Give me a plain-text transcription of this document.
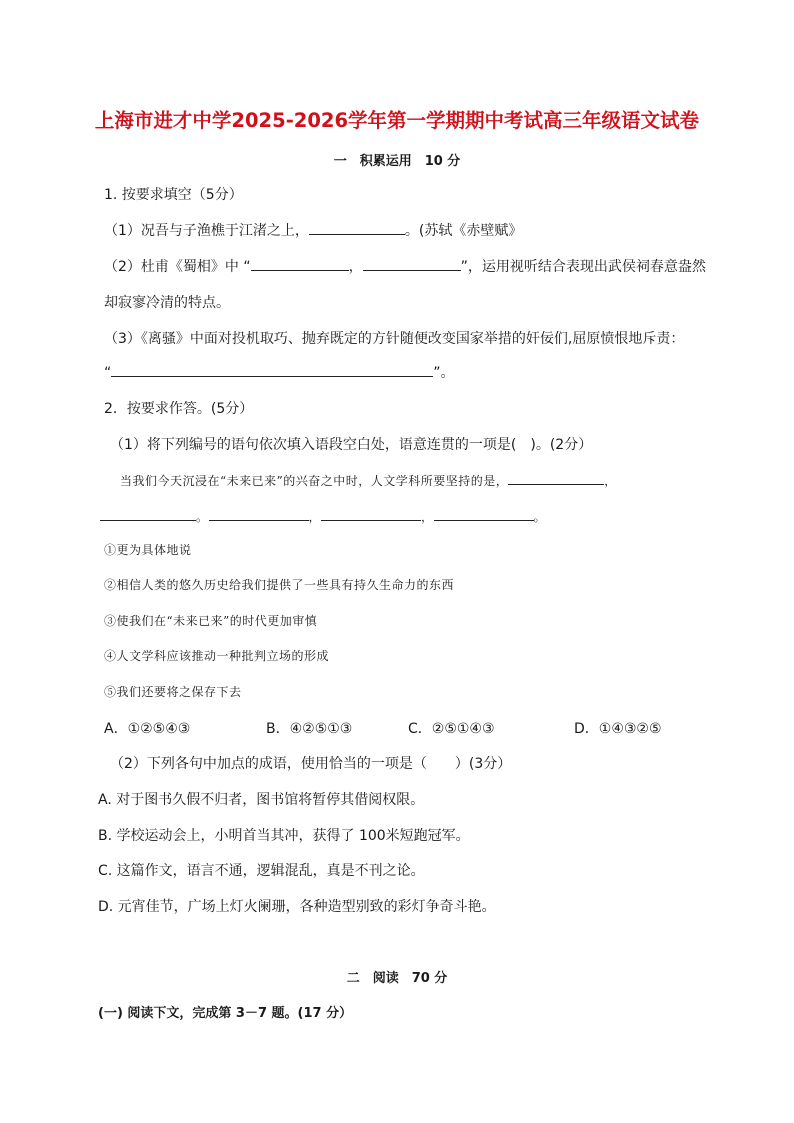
上海市进才中学2025-2026学年第一学期期中考试高三年级语文试卷
一　积累运用　10 分
1. 按要求填空（5分）
（1）况吾与子渔樵于江渚之上，	。(苏轼《赤壁赋》
（2）杜甫《蜀相》中 “	，	”，运用视听结合表现出武侯祠春意盎然
却寂寥冷清的特点。
（3）《离骚》中面对投机取巧、抛弃既定的方针随便改变国家举措的奸佞们,屈原愤恨地斥责：
“	”。
2．按要求作答。(5分）
（1）将下列编号的语句依次填入语段空白处，语意连贯的一项是(　)。(2分）
当我们今天沉浸在“未来已来”的兴奋之中时，人文学科所要坚持的是，	，
。	，	，	。
①更为具体地说
②相信人类的悠久历史给我们提供了一些具有持久生命力的东西
③使我们在“未来已来”的时代更加审慎
④人文学科应该推动一种批判立场的形成
⑤我们还要将之保存下去
A．①②⑤④③	B．④②⑤①③	C．②⑤①④③	D．①④③②⑤
（2）下列各句中加点的成语，使用恰当的一项是（　　）(3分）
A. 对于图书久假不归者，图书馆将暂停其借阅权限。
B. 学校运动会上，小明首当其冲，获得了 100米短跑冠军。
C. 这篇作文，语言不通，逻辑混乱，真是不刊之论。
D. 元宵佳节，广场上灯火阑珊，各种造型别致的彩灯争奇斗艳。
二　阅读　70 分
(一) 阅读下文，完成第 3－7 题。(17 分）
